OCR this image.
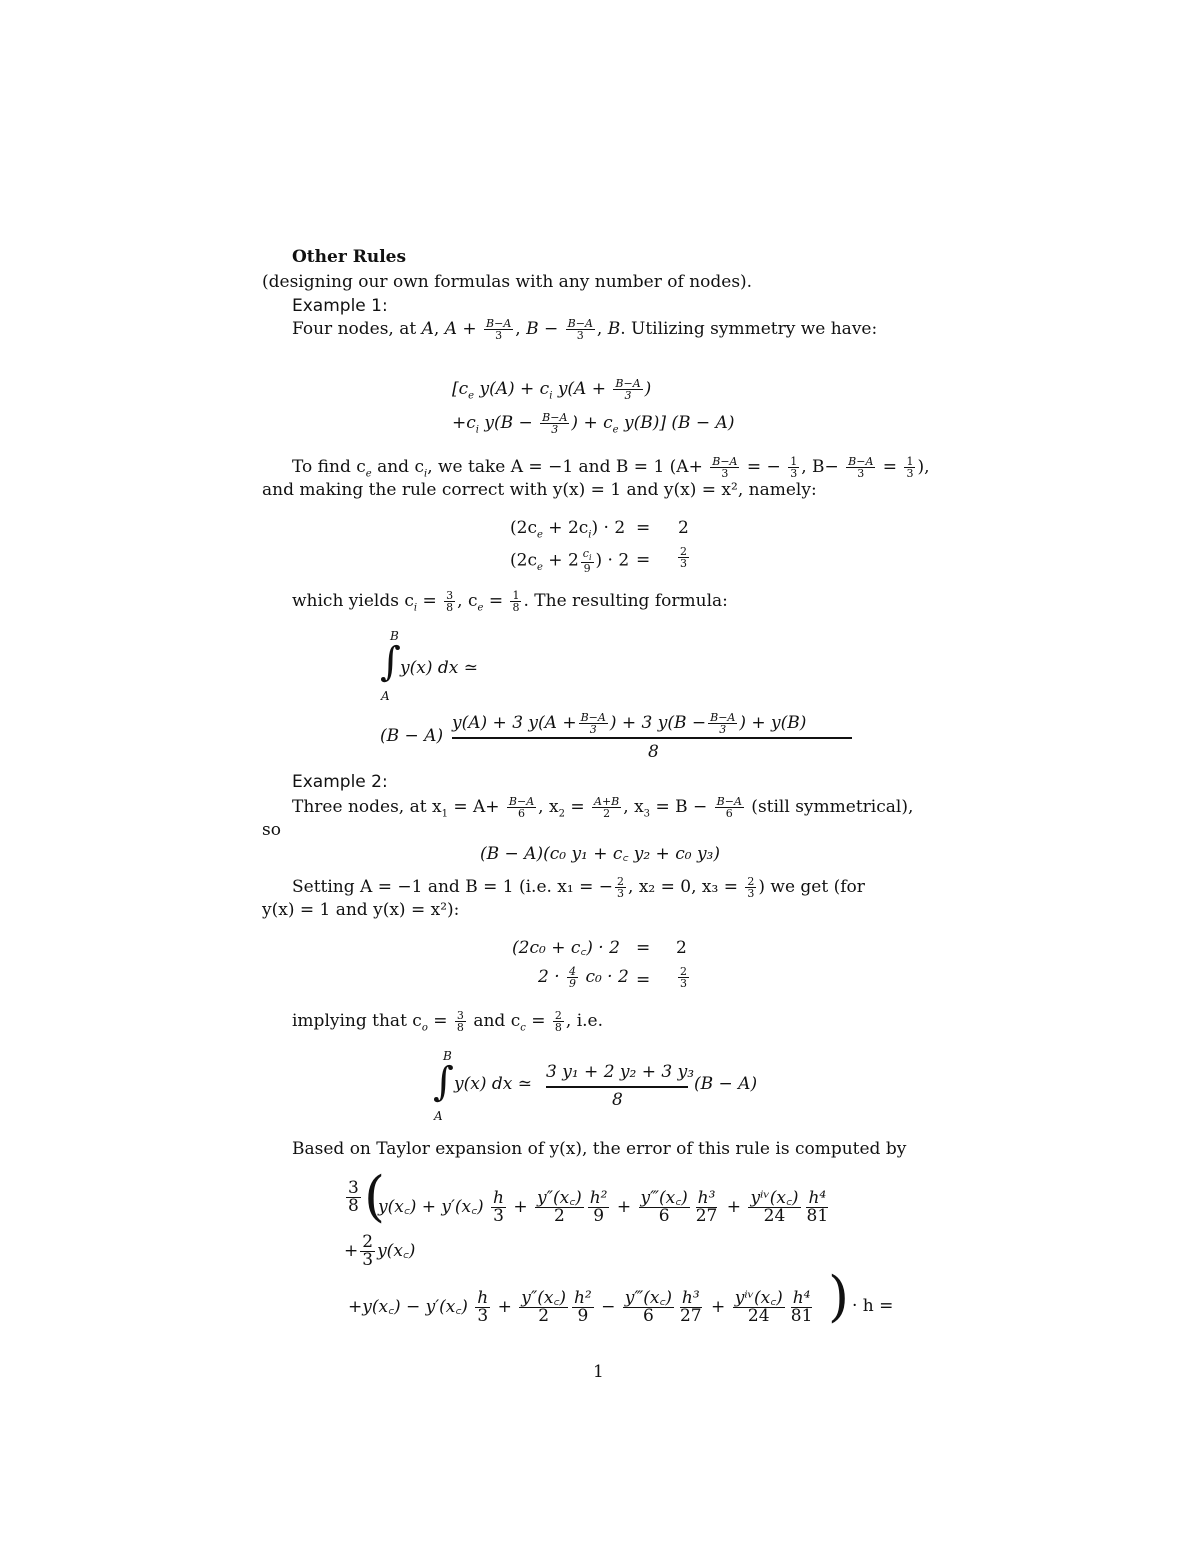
Other Rules
(designing our own formulas with any number of nodes).
Example 1:
Four nodes, at A, $A + \frac{B-A}{3}$ , $B - \frac{B-A}{3}$ , B. Utilizing symmetry we have:
[$c_e$ $y(A) + c_i$ $y(A + \frac{B-A}{3}$ )
$+c_i$ $y(B - \frac{B-A}{3}$ ) + $c_e$ y(B)] (B − A)
To find $c_e$ and $c_i$, we take A = −1 and B = 1 ($A+ \frac{B-A}{3}$ = − $\frac{1}{3}$ , $B- \frac{B-A}{3} = \frac{1}{3}$ ),
and making the rule correct with y(x) = 1 and y(x) = x², namely:
$(2c_e + 2c_i) \cdot 2 = 2$
($2c_e + 2 \frac{c_i}{9}$ ) · 2 =	$\frac{2}{3}$
which yields $c_i = \frac{3}{8}$ , $c_e = \frac{1}{8}$ . The resulting formula:
B
∫
A
y(x) dx ≃
(B − A)
y(A) + 3 $y(A + \frac{B-A}{3}$ ) + 3 $y(B - \frac{B-A}{3}$ ) + y(B)
8
Example 2:
Three nodes, at $x_1 = A+ \frac{B-A}{6}$ , $x_2 = \frac{A+B}{2}$ , $x_3 = B - \frac{B-A}{6}$ (still symmetrical),
so
(B − A)(c₀ y₁ + c꜀ y₂ + c₀ y₃)
Setting A = −1 and B = 1 (i.e. x₁ = − $\frac{2}{3}$ , x₂ = 0, $x_3 = \frac{2}{3}$ ) we get (for
y(x) = 1 and y(x) = x²):
(2c₀ + c꜀) · 2 = 2
$2 \cdot \frac{4}{9} c_0 \cdot 2$ =	$\frac{2}{3}$
implying that $c_o = \frac{3}{8}$ and $c_c = \frac{2}{8}$ , i.e.
B
∫
A
y(x) dx ≃
3 y₁ + 2 y₂ + 3 y₃
8
(B − A)
Based on Taylor expansion of y(x), the error of this rule is computed by
$\frac{3}{8}$ (
y(x꜀) + y′(x꜀) $\frac{h}{3} + \frac{y''(x꜀)}{2} \frac{\text{h²}}{9} + \frac{y‴(x꜀)}{6} \frac{\text{h³}}{27} + \frac{\text{yⁱᵛ(x꜀)}}{24} \frac{\text{h⁴}}{81}$
+ $\frac{2}{3}$ y(x꜀)
+y(x꜀) − y′(x꜀) $\frac{h}{3} + \frac{y''(x꜀)}{2} \frac{\text{h²}}{9} - \frac{y‴(x꜀)}{6} \frac{\text{h³}}{27} + \frac{\text{yⁱᵛ(x꜀)}}{24} \frac{\text{h⁴}}{81}$ ) · h =
1
